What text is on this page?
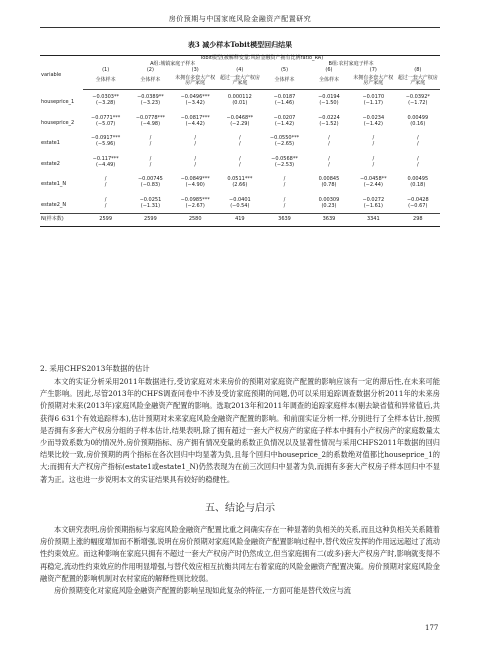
房价预期与中国家庭风险金融资产配置研究
表3 减少样本Tobit模型回归结果
	Tobit模型(被解释变量:风险金融资产拥有比例ratio_RA)							
variable	A组:城镇家庭子样本				B组:农村家庭子样本			
	(1)	(2)	(3)	(4)	(5)	(6)	(7)	(8)
	全体样本	全体样本	未拥有多套大产权房产家庭	超过一套大产权房产家庭	全体样本	全体样本	未拥有多套大产权房产家庭	超过一套大产权房产家庭
houseprice_1	−0.0303**	−0.0389**	−0.0496***	0.000112	−0.0187	−0.0194	−0.0170	−0.0392*
	(−3.28)	(−3.23)	(−3.42)	(0.01)	(−1.46)	(−1.50)	(−1.17)	(−1.72)
houseprice_2	−0.0771***	−0.0778***	−0.0817***	−0.0468**	−0.0207	−0.0224	−0.0234	0.00499
	(−5.07)	(−4.98)	(−4.42)	(−2.29)	(−1.42)	(−1.52)	(−1.42)	(0.16)
estate1	−0.0917***	/	/	/	−0.0550***	/	/	/
	(−5.96)	/	/	/	(−2.65)	/	/	/
estate2	−0.117***	/	/	/	−0.0568**	/	/	/
	(−4.49)	/	/	/	(−2.53)	/	/	/
estate1_N	/	−0.00745	−0.0849***	0.0511***	/	0.00845	−0.0458**	0.00495
	/	(−0.83)	(−4.90)	(2.66)	/	(0.78)	(−2.44)	(0.18)
estate2_N	/	−0.0251	−0.0985***	−0.0401	/	0.00309	−0.0272	−0.0428
	/	(−1.31)	(−2.67)	(−0.54)	/	(0.23)	(−1.61)	(−0.67)
N(样本数)	2599	2599	2580	419	3639	3639	3341	298
2. 采用CHFS2013年数据的估计

本文的实证分析采用2011年数据进行,受访家庭对未来房价的预期对家庭资产配置的影响应该有一定的滞后性,在未来可能产生影响。因此,尽管2013年的CHFS调查问卷中不涉及受访家庭预期的问题,仍可以采用追踪调查数据分析2011年的未来房价预期对未来(2013年)家庭风险金融资产配置的影响。选取2013年和2011年调查的追踪家庭样本(剔去缺省值和异常值后,共获得6 631个有效追踪样本),估计预期对未来家庭风险金融资产配置的影响。和前面实证分析一样,分别进行了全样本估计,按照是否拥有多套大产权房分组的子样本估计,结果表明,除了拥有超过一套大产权房产的家庭子样本中拥有小产权房产的家庭数量太少而导致系数为0的情况外,房价预期指标、房产拥有情况变量的系数正负情况以及显著性情况与采用CHFS2011年数据的回归结果比较一致,房价预期的两个指标在各次回归中均显著为负,且每个回归中houseprice_2的系数绝对值都比houseprice_1的大;而拥有大产权房产指标(estate1或estate1_N)仍然表现为在前三次回归中显著为负,而拥有多套大产权房子样本回归中不显著为正。这也进一步说明本文的实证结果具有较好的稳健性。

五、结论与启示

本文研究表明,房价预期指标与家庭风险金融资产配置比重之间确实存在一种显著的负相关的关系,而且这种负相关关系随着房价预期上涨的幅度增加而不断增强,说明在房价预期对家庭风险金融资产配置影响过程中,替代效应发挥的作用远远超过了流动性约束效应。而这种影响在家庭只拥有不超过一套大产权房产时仍然成立,但当家庭拥有二(或多)套大产权房产时,影响就变得不再稳定,流动性约束效应的作用明显增强,与替代效应相互抗衡共同左右着家庭的风险金融资产配置决策。房价预期对家庭风险金融资产配置的影响机制对农村家庭的解释性则比较弱。

房价预期变化对家庭风险金融资产配置的影响呈现如此复杂的特征,一方面可能是替代效应与流

177
